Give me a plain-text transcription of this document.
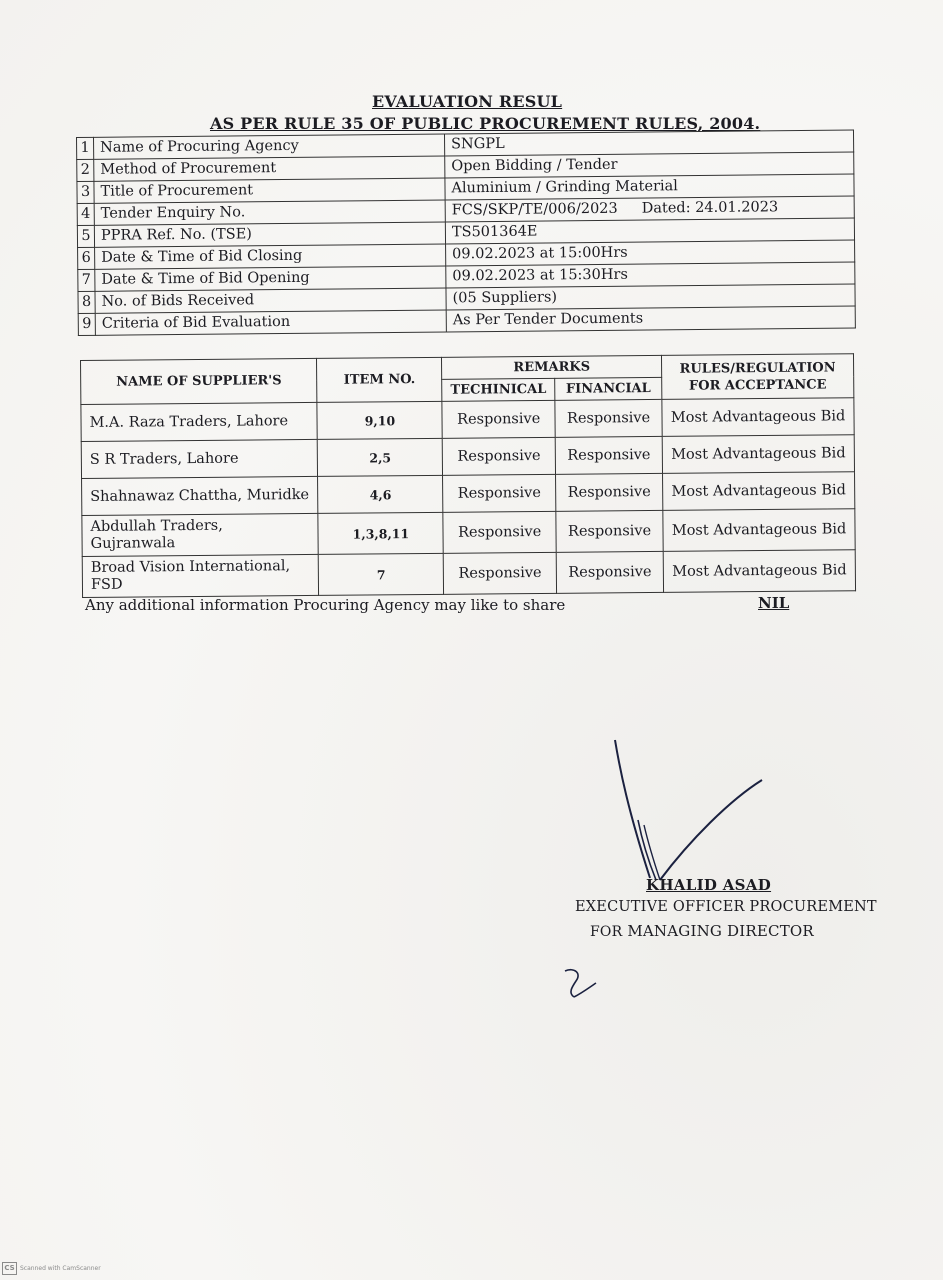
EVALUATION RESUL
AS PER RULE 35 OF PUBLIC PROCUREMENT RULES, 2004.
1	Name of Procuring Agency	SNGPL
2	Method of Procurement	Open Bidding / Tender
3	Title of Procurement	Aluminium / Grinding Material
4	Tender Enquiry No.	FCS/SKP/TE/006/2023 Dated: 24.01.2023
5	PPRA Ref. No. (TSE)	TS501364E
6	Date & Time of Bid Closing	09.02.2023 at 15:00Hrs
7	Date & Time of Bid Opening	09.02.2023 at 15:30Hrs
8	No. of Bids Received	(05 Suppliers)
9	Criteria of Bid Evaluation	As Per Tender Documents
NAME OF SUPPLIER'S	ITEM NO.	REMARKS		RULES/REGULATION
FOR ACCEPTANCE

		TECHINICAL	FINANCIAL	
M.A. Raza Traders, Lahore	9,10	Responsive	Responsive	Most Advantageous Bid
S R Traders, Lahore	2,5	Responsive	Responsive	Most Advantageous Bid
Shahnawaz Chattha, Muridke	4,6	Responsive	Responsive	Most Advantageous Bid
Abdullah Traders, Gujranwala	1,3,8,11	Responsive	Responsive	Most Advantageous Bid
Broad Vision International, FSD	7	Responsive	Responsive	Most Advantageous Bid
Any additional information Procuring Agency may like to share	NIL
KHALID ASAD
EXECUTIVE OFFICER PROCUREMENT
FOR MANAGING DIRECTOR
CS Scanned with CamScanner
